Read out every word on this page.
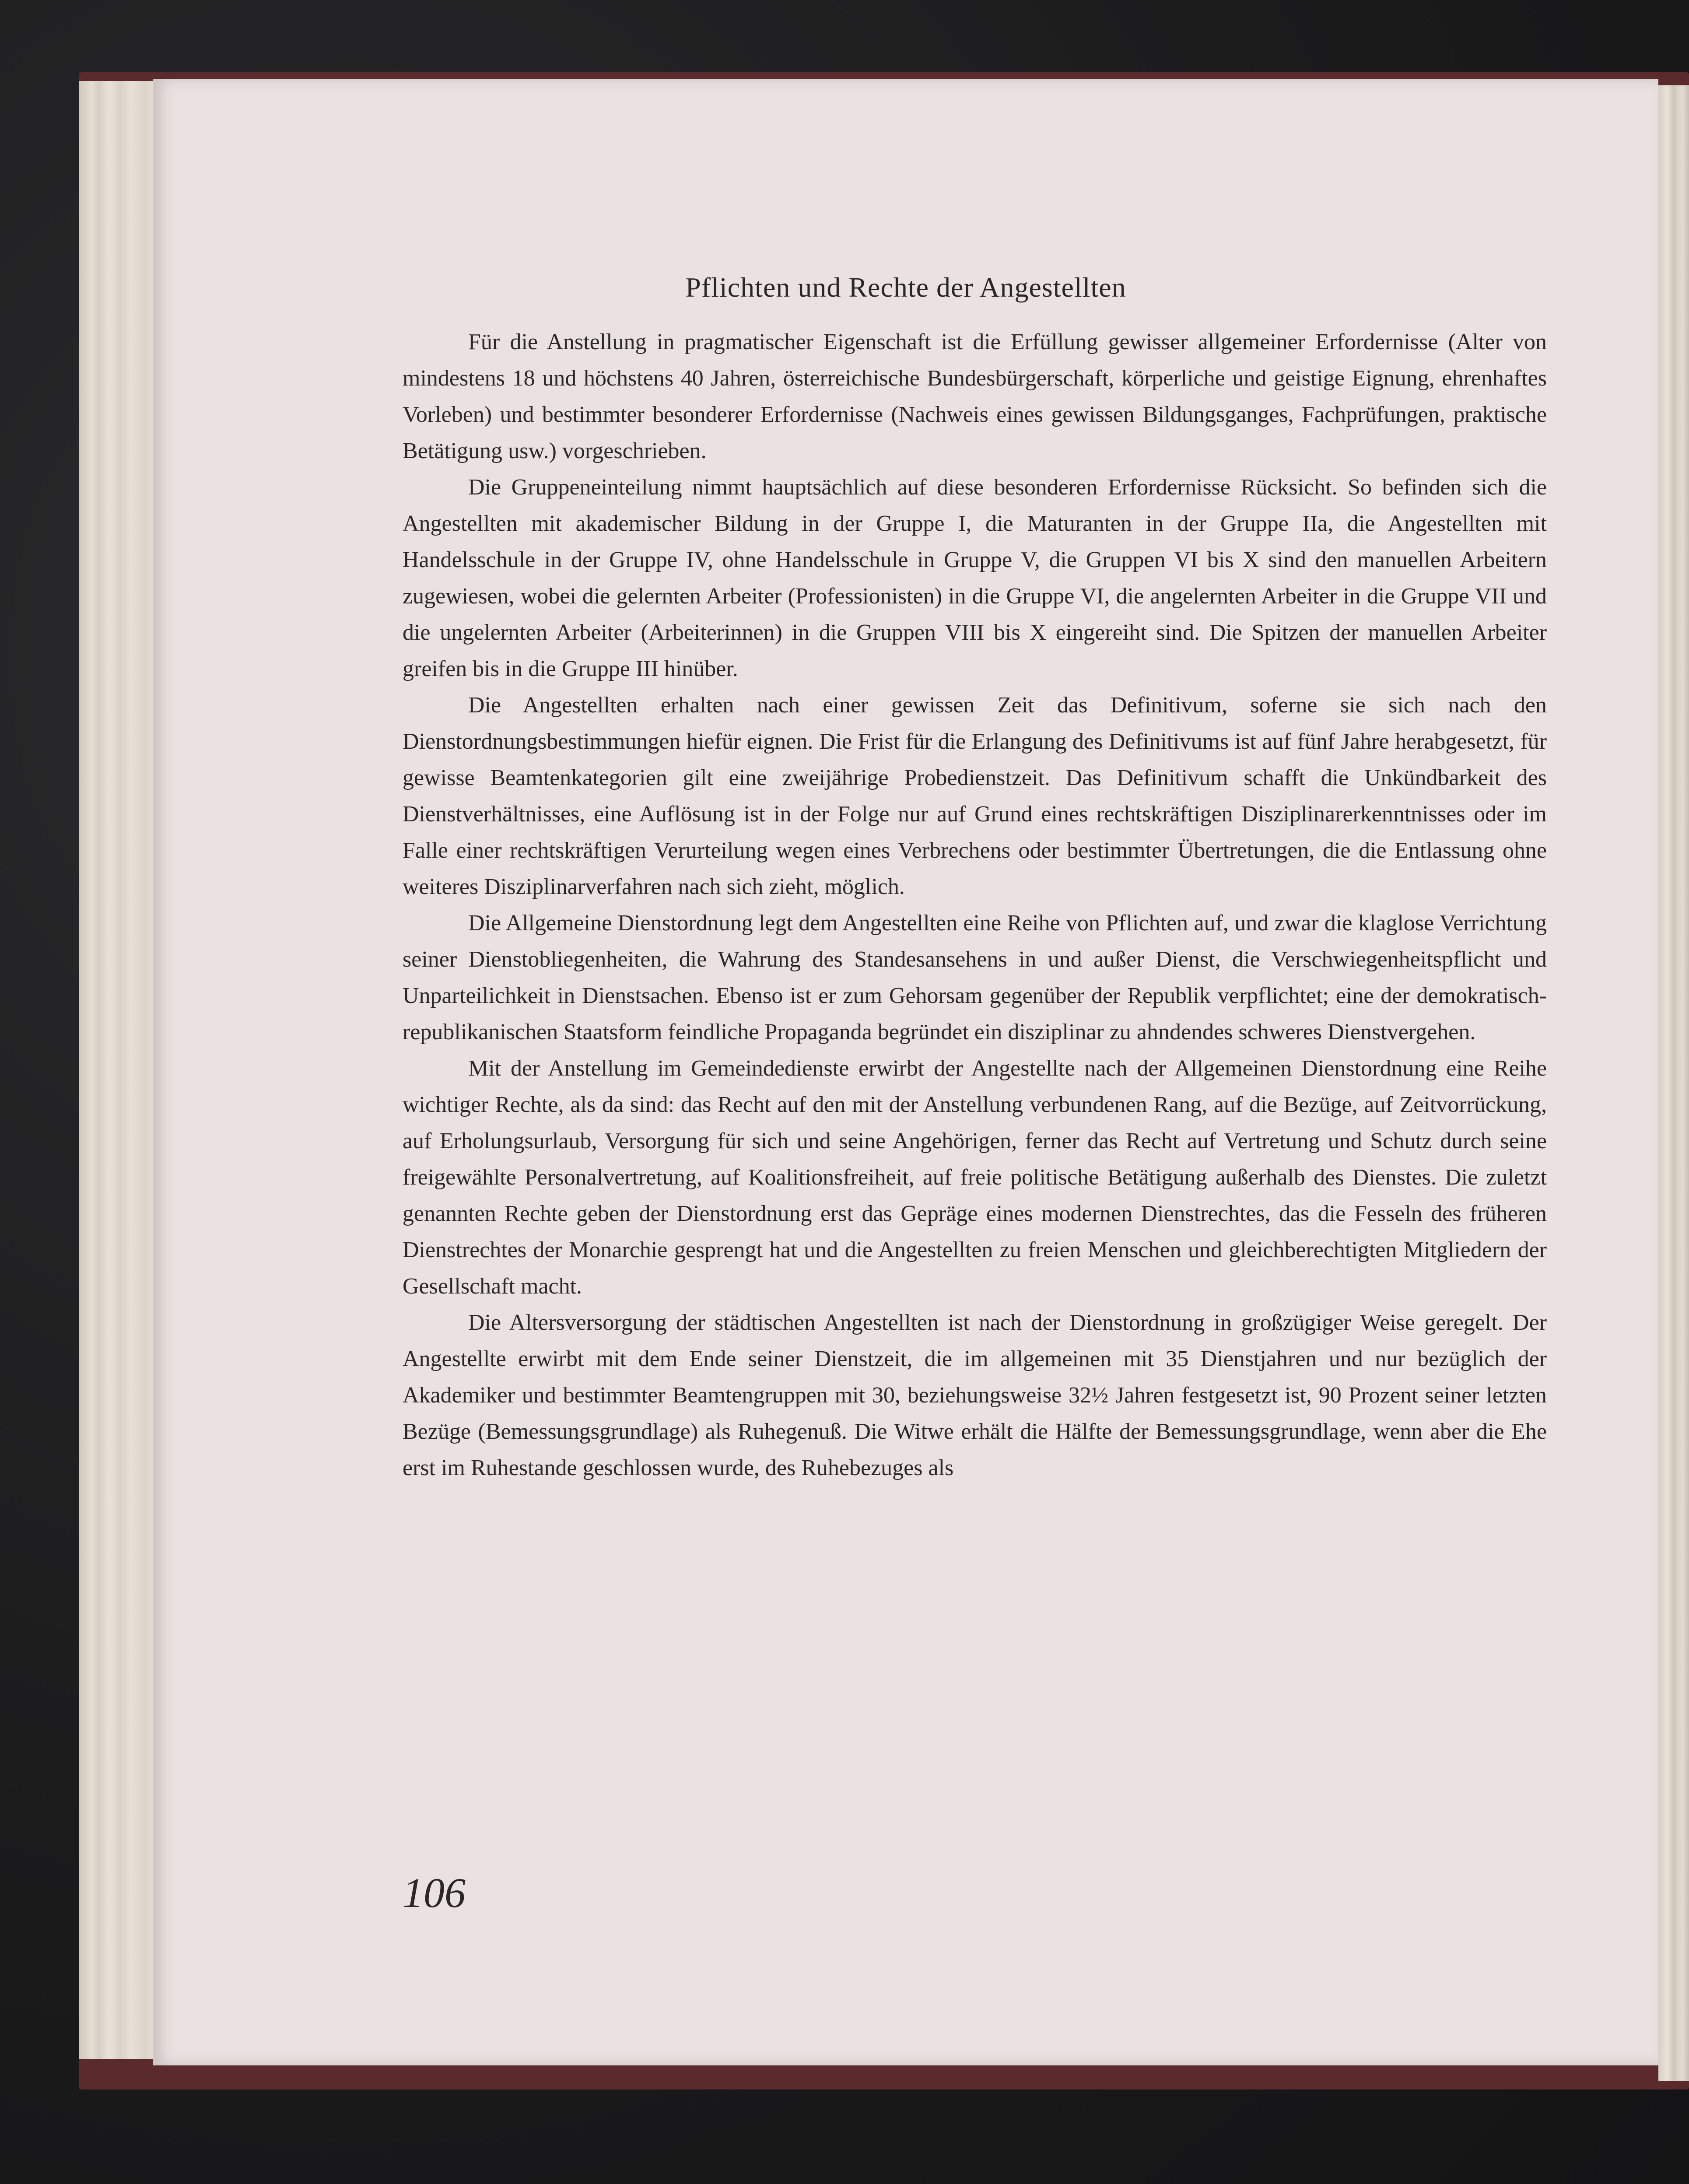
Pflichten und Rechte der Angestellten

Für die Anstellung in pragmatischer Eigenschaft ist die Erfüllung gewisser allgemeiner Erfordernisse (Alter von mindestens 18 und höchstens 40 Jahren, österreichische Bundesbürgerschaft, körperliche und geistige Eignung, ehrenhaftes Vorleben) und bestimmter besonderer Erfordernisse (Nachweis eines gewissen Bildungsganges, Fachprüfungen, praktische Betätigung usw.) vorgeschrieben.

Die Gruppeneinteilung nimmt hauptsächlich auf diese besonderen Erfordernisse Rücksicht. So befinden sich die Angestellten mit akademischer Bildung in der Gruppe I, die Maturanten in der Gruppe IIa, die Angestellten mit Handelsschule in der Gruppe IV, ohne Handelsschule in Gruppe V, die Gruppen VI bis X sind den manuellen Arbeitern zugewiesen, wobei die gelernten Arbeiter (Professionisten) in die Gruppe VI, die angelernten Arbeiter in die Gruppe VII und die ungelernten Arbeiter (Arbeiterinnen) in die Gruppen VIII bis X eingereiht sind. Die Spitzen der manuellen Arbeiter greifen bis in die Gruppe III hinüber.

Die Angestellten erhalten nach einer gewissen Zeit das Definitivum, soferne sie sich nach den Dienstordnungsbestimmungen hiefür eignen. Die Frist für die Erlangung des Definitivums ist auf fünf Jahre herabgesetzt, für gewisse Beamtenkategorien gilt eine zweijährige Probedienstzeit. Das Definitivum schafft die Unkündbarkeit des Dienstverhältnisses, eine Auflösung ist in der Folge nur auf Grund eines rechtskräftigen Disziplinarerkenntnisses oder im Falle einer rechtskräftigen Verurteilung wegen eines Verbrechens oder bestimmter Übertretungen, die die Entlassung ohne weiteres Disziplinarverfahren nach sich zieht, möglich.

Die Allgemeine Dienstordnung legt dem Angestellten eine Reihe von Pflichten auf, und zwar die klaglose Verrichtung seiner Dienstobliegenheiten, die Wahrung des Standesansehens in und außer Dienst, die Verschwiegenheitspflicht und Unparteilichkeit in Dienstsachen. Ebenso ist er zum Gehorsam gegenüber der Republik verpflichtet; eine der demokratisch-republikanischen Staatsform feindliche Propaganda begründet ein disziplinar zu ahndendes schweres Dienstvergehen.

Mit der Anstellung im Gemeindedienste erwirbt der Angestellte nach der Allgemeinen Dienstordnung eine Reihe wichtiger Rechte, als da sind: das Recht auf den mit der Anstellung verbundenen Rang, auf die Bezüge, auf Zeitvorrückung, auf Erholungsurlaub, Versorgung für sich und seine Angehörigen, ferner das Recht auf Vertretung und Schutz durch seine freigewählte Personalvertretung, auf Koalitionsfreiheit, auf freie politische Betätigung außerhalb des Dienstes. Die zuletzt genannten Rechte geben der Dienstordnung erst das Gepräge eines modernen Dienstrechtes, das die Fesseln des früheren Dienstrechtes der Monarchie gesprengt hat und die Angestellten zu freien Menschen und gleichberechtigten Mitgliedern der Gesellschaft macht.

Die Altersversorgung der städtischen Angestellten ist nach der Dienstordnung in großzügiger Weise geregelt. Der Angestellte erwirbt mit dem Ende seiner Dienstzeit, die im allgemeinen mit 35 Dienstjahren und nur bezüglich der Akademiker und bestimmter Beamtengruppen mit 30, beziehungsweise 32½ Jahren festgesetzt ist, 90 Prozent seiner letzten Bezüge (Bemessungsgrundlage) als Ruhegenuß. Die Witwe erhält die Hälfte der Bemessungsgrundlage, wenn aber die Ehe erst im Ruhestande geschlossen wurde, des Ruhebezuges als

106
